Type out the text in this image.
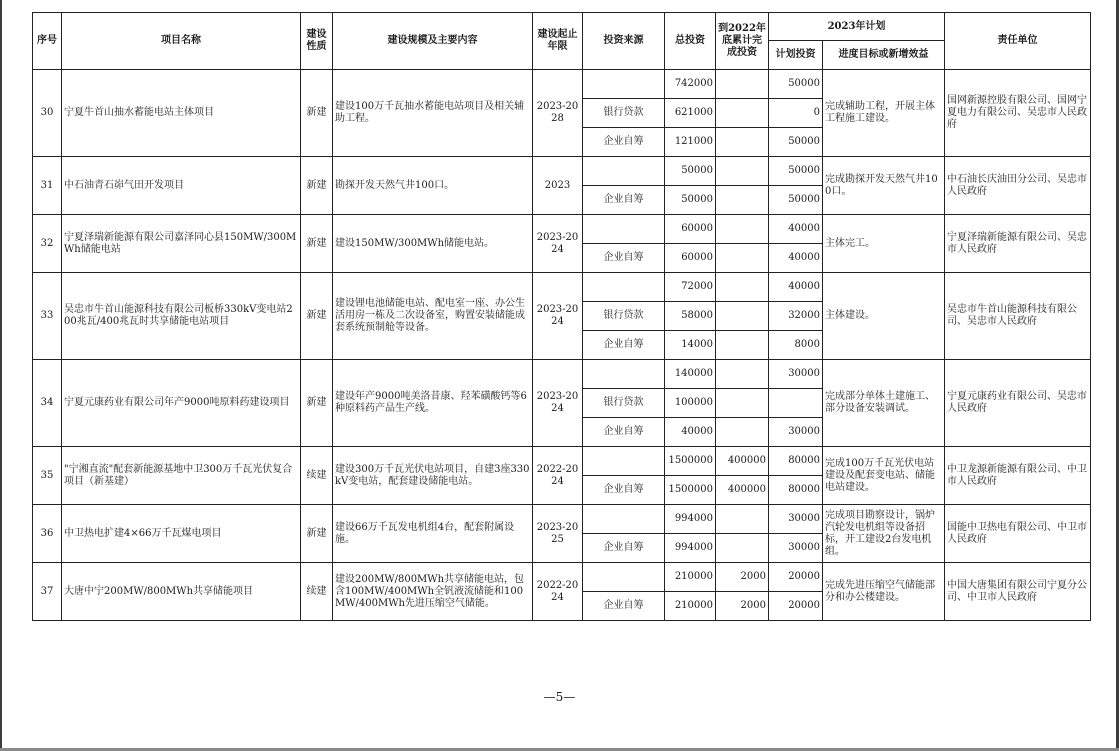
序号	项目名称	建设性质	建设规模及主要内容	建设起止年限	投资来源	总投资	到2022年底累计完成投资	2023年计划		责任单位
								计划投资	进度目标或新增效益	
30	宁夏牛首山抽水蓄能电站主体项目	新建	建设100万千瓦抽水蓄能电站项目及相关辅助工程。	2023-2028		742000		50000	完成辅助工程，开展主体工程施工建设。	国网新源控股有限公司、国网宁夏电力有限公司、吴忠市人民政府
					银行贷款	621000		0		
					企业自筹	121000		50000		
31	中石油青石峁气田开发项目	新建	勘探开发天然气井100口。	2023		50000		50000	完成勘探开发天然气井100口。	中石油长庆油田分公司、吴忠市人民政府
					企业自筹	50000		50000		
32	宁夏泽瑞新能源有限公司嘉泽同心县150MW/300MWh储能电站	新建	建设150MW/300MWh储能电站。	2023-2024		60000		40000	主体完工。	宁夏泽瑞新能源有限公司、吴忠市人民政府
					企业自筹	60000		40000		
33	吴忠市牛首山能源科技有限公司板桥330kV变电站200兆瓦/400兆瓦时共享储能电站项目	新建	建设锂电池储能电站、配电室一座、办公生活用房一栋及二次设备室，购置安装储能成套系统预制舱等设备。	2023-2024		72000		40000	主体建设。	吴忠市牛首山能源科技有限公司、吴忠市人民政府
					银行贷款	58000		32000		
					企业自筹	14000		8000		
34	宁夏元康药业有限公司年产9000吨原料药建设项目	新建	建设年产9000吨美洛昔康、羟苯磺酸钙等6种原料药产品生产线。	2023-2024		140000		30000	完成部分单体土建施工、部分设备安装调试。	宁夏元康药业有限公司、吴忠市人民政府
					银行贷款	100000				
					企业自筹	40000		30000		
35	"宁湘直流"配套新能源基地中卫300万千瓦光伏复合项目（新基建）	续建	建设300万千瓦光伏电站项目，自建3座330kV变电站，配套建设储能电站。	2022-2024		1500000	400000	80000	完成100万千瓦光伏电站建设及配套变电站、储能电站建设。	中卫龙源新能源有限公司、中卫市人民政府
					企业自筹	1500000	400000	80000		
36	中卫热电扩建4×66万千瓦煤电项目	新建	建设66万千瓦发电机组4台，配套附属设施。	2023-2025		994000		30000	完成项目勘察设计，锅炉汽轮发电机组等设备招标，开工建设2台发电机组。	国能中卫热电有限公司、中卫市人民政府
					企业自筹	994000		30000		
37	大唐中宁200MW/800MWh共享储能项目	续建	建设200MW/800MWh共享储能电站，包含100MW/400MWh全钒液流储能和100MW/400MWh先进压缩空气储能。	2022-2024		210000	2000	20000	完成先进压缩空气储能部分和办公楼建设。	中国大唐集团有限公司宁夏分公司、中卫市人民政府
					企业自筹	210000	2000	20000		
—5—
